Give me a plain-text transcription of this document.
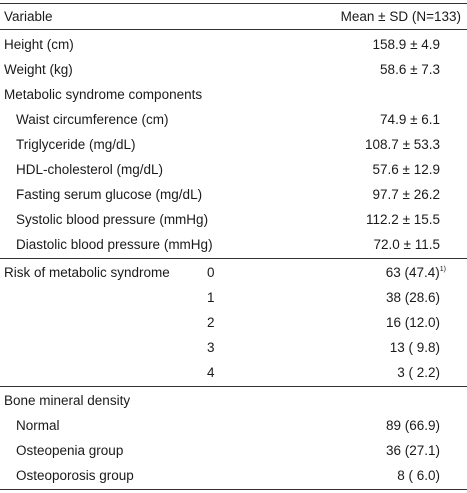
Variable	Mean ± SD (N=133)
Height (cm)	158.9 ± 4.9
Weight (kg)	58.6 ± 7.3
Metabolic syndrome components
Waist circumference (cm)	74.9 ± 6.1
Triglyceride (mg/dL)	108.7 ± 53.3
HDL-cholesterol (mg/dL)	57.6 ± 12.9
Fasting serum glucose (mg/dL)	97.7 ± 26.2
Systolic blood pressure (mmHg)	112.2 ± 15.5
Diastolic blood pressure (mmHg)	72.0 ± 11.5
Risk of metabolic syndrome	0	63 $(47.4)^{1)}$
1	38 (28.6)
2	16 (12.0)
3	13 ( 9.8)
4	3 ( 2.2)
Bone mineral density
Normal	89 (66.9)
Osteopenia group	36 (27.1)
Osteoporosis group	8 ( 6.0)
